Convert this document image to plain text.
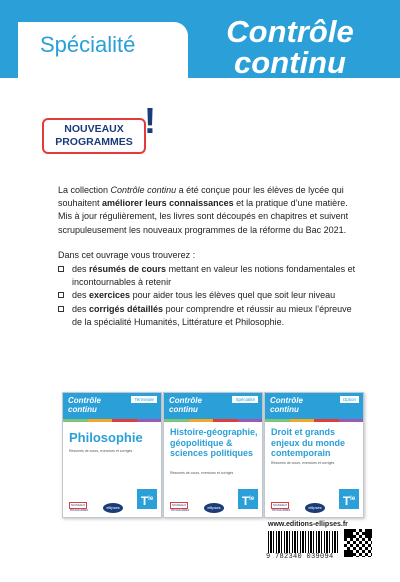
Spécialité	Contrôle
continu
NOUVEAUX
PROGRAMMES
!

La collection Contrôle continu a été conçue pour les élèves de lycée qui souhaitent améliorer leurs connaissances et la pratique d’une matière.

Mis à jour régulièrement, les livres sont découpés en chapitres et suivent scrupuleusement les nouveaux programmes de la réforme du Bac 2021.

Dans cet ouvrage vous trouverez :

des résumés de cours mettant en valeur les notions fondamentales et incontournables à retenir
des exercices pour aider tous les élèves quel que soit leur niveau
des corrigés détaillés pour comprendre et réussir au mieux l’épreuve de la spécialité Humanités, Littérature et Philosophie.
Contrôle
continu
Terminale
Philosophie
Résumés de cours, exercices et corrigés
NOUVEAUX PROGRAMMES
ellipses	$T^{le}$
Contrôle
continu
Spécialité
Histoire-géographie, géopolitique & sciences politiques
Résumés de cours, exercices et corrigés
NOUVEAUX PROGRAMMES
ellipses	$T^{le}$
Contrôle
continu
Option
Droit et grands enjeux du monde contemporain
Résumés de cours, exercices et corrigés
NOUVEAUX PROGRAMMES
ellipses	$T^{le}$
www.editions-ellipses.fr
9 782340 039094
